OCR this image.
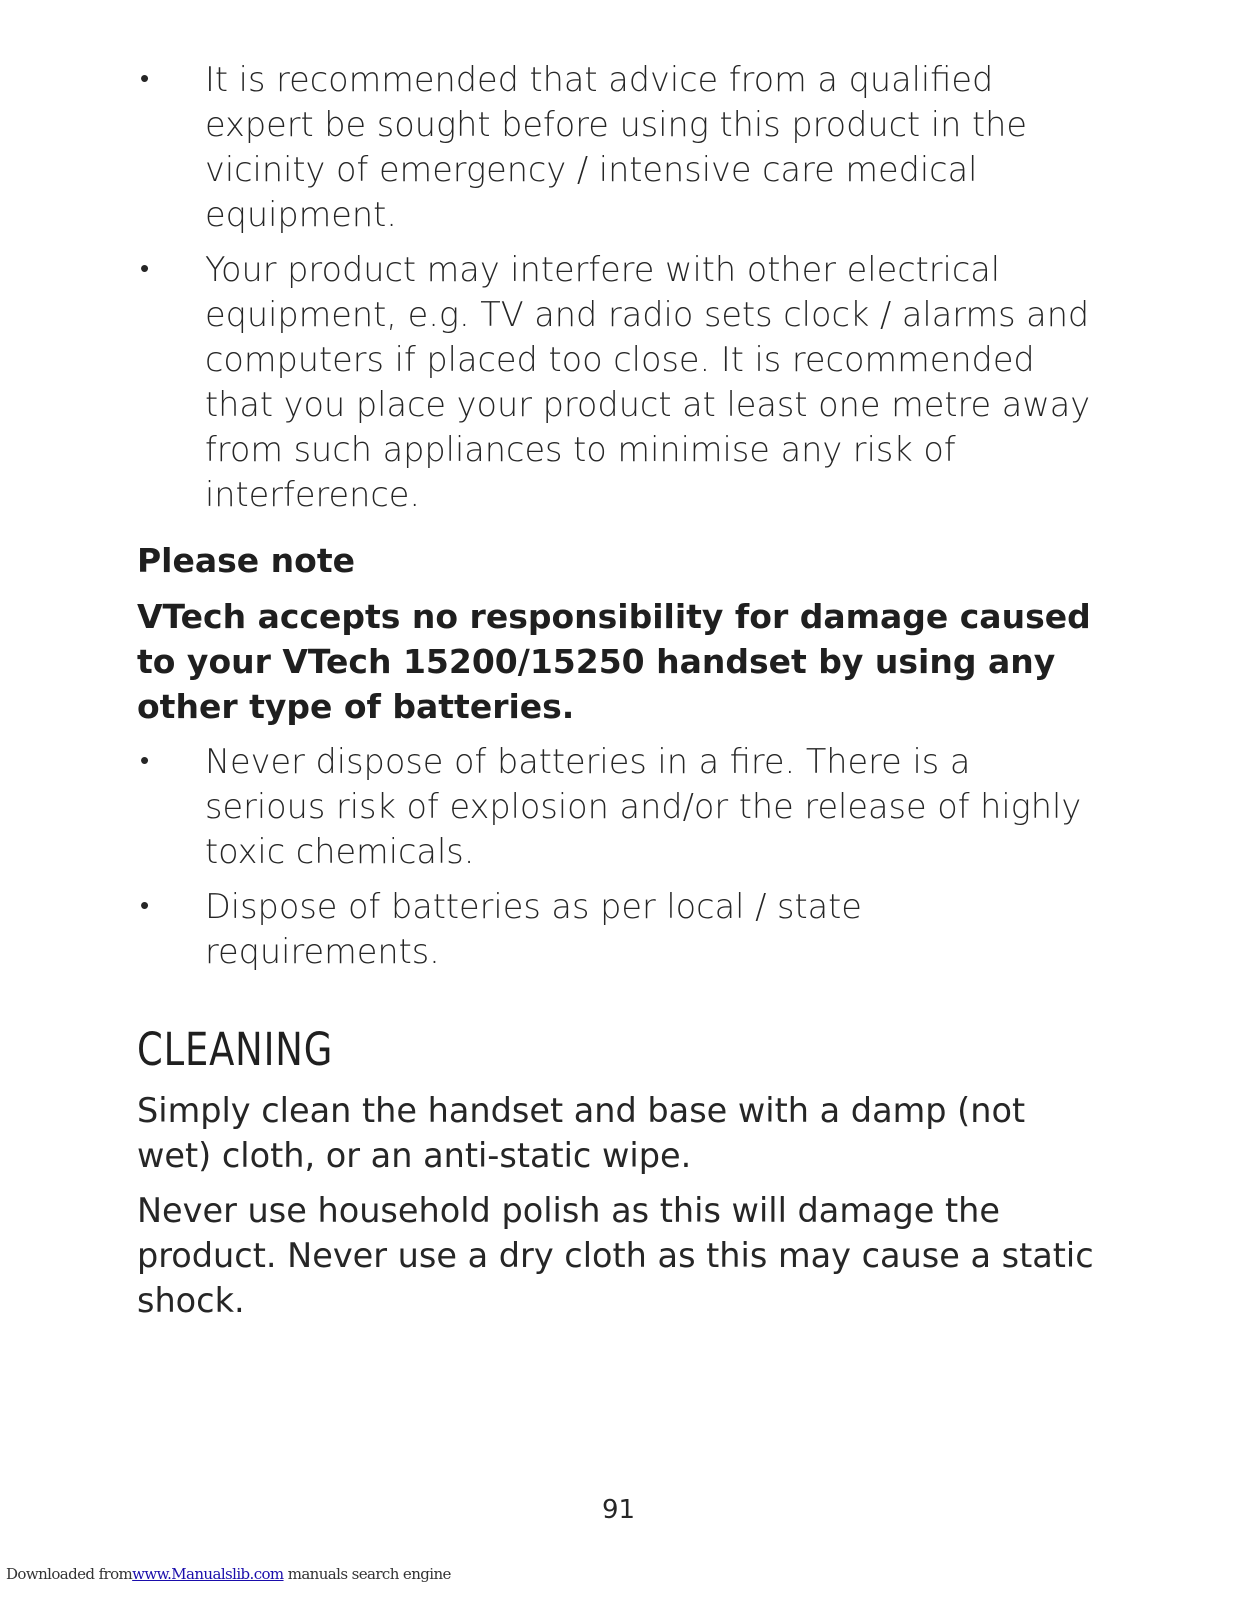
• It is recommended that advice from a qualified expert be sought before using this product in the vicinity of emergency / intensive care medical equipment.
• Your product may interfere with other electrical equipment, e.g. TV and radio sets clock / alarms and computers if placed too close. It is recommended that you place your product at least one metre away from such appliances to minimise any risk of interference.
Please note

VTech accepts no responsibility for damage caused to your VTech 15200/15250 handset by using any other type of batteries.

• Never dispose of batteries in a fire. There is a serious risk of explosion and/or the release of highly toxic chemicals.
• Dispose of batteries as per local / state requirements.
CLEANING

Simply clean the handset and base with a damp (not wet) cloth, or an anti-static wipe.

Never use household polish as this will damage the product. Never use a dry cloth as this may cause a static shock.

91
Downloaded fromwww.Manualslib.com manuals search engine
